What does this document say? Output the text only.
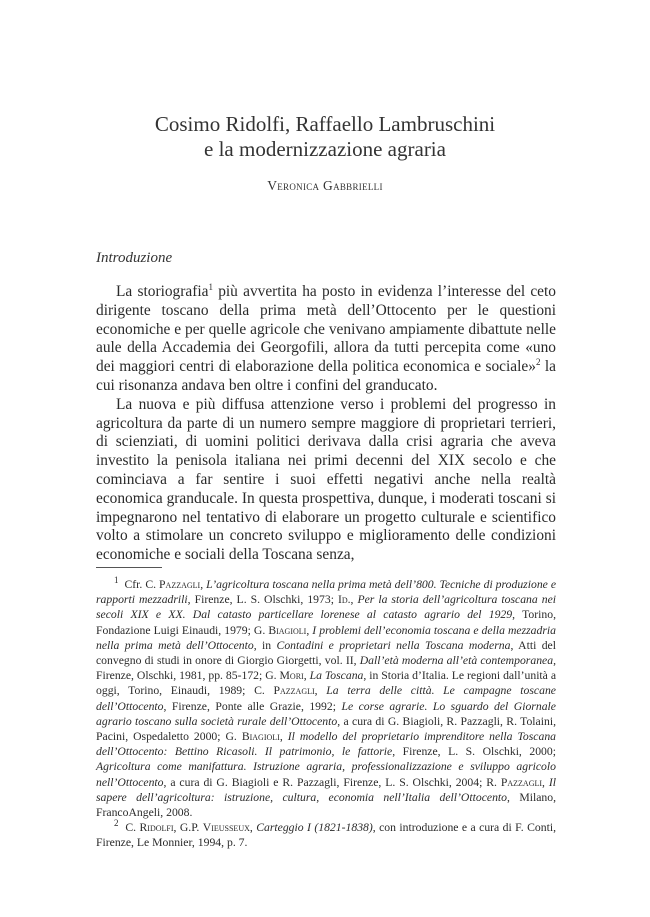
Cosimo Ridolfi, Raffaello Lambruschini
e la modernizzazione agraria
Veronica Gabbrielli
Introduzione

La storiografia$^1$ più avvertita ha posto in evidenza l’interesse del ceto dirigente toscano della prima metà dell’Ottocento per le questioni economiche e per quelle agricole che venivano ampiamente dibattute nelle aule della Accademia dei Georgofili, allora da tutti percepita come «uno dei maggiori centri di elaborazione della politica economica e sociale»$^2$ la cui risonanza andava ben oltre i confini del granducato.

La nuova e più diffusa attenzione verso i problemi del progresso in agricoltura da parte di un numero sempre maggiore di proprietari terrieri, di scienziati, di uomini politici derivava dalla crisi agraria che aveva investito la penisola italiana nei primi decenni del XIX secolo e che cominciava a far sentire i suoi effetti negativi anche nella realtà economica granducale. In questa prospettiva, dunque, i moderati toscani si impegnarono nel tentativo di elaborare un progetto culturale e scientifico volto a stimolare un concreto sviluppo e miglioramento delle condizioni economiche e sociali della Toscana senza,

$^1$ Cfr. C. Pazzagli, L’agricoltura toscana nella prima metà dell’800. Tecniche di produzione e rapporti mezzadrili, Firenze, L. S. Olschki, 1973; Id., Per la storia dell’agricoltura toscana nei secoli XIX e XX. Dal catasto particellare lorenese al catasto agrario del 1929, Torino, Fondazione Luigi Einaudi, 1979; G. Biagioli, I problemi dell’economia toscana e della mezzadria nella prima metà dell’Ottocento, in Contadini e proprietari nella Toscana moderna, Atti del convegno di studi in onore di Giorgio Giorgetti, vol. II, Dall’età moderna all’età contemporanea, Firenze, Olschki, 1981, pp. 85-172; G. Mori, La Toscana, in Storia d’Italia. Le regioni dall’unità a oggi, Torino, Einaudi, 1989; C. Pazzagli, La terra delle città. Le campagne toscane dell’Ottocento, Firenze, Ponte alle Grazie, 1992; Le corse agrarie. Lo sguardo del Giornale agrario toscano sulla società rurale dell’Ottocento, a cura di G. Biagioli, R. Pazzagli, R. Tolaini, Pacini, Ospedaletto 2000; G. Biagioli, Il modello del proprietario imprenditore nella Toscana dell’Ottocento: Bettino Ricasoli. Il patrimonio, le fattorie, Firenze, L. S. Olschki, 2000; Agricoltura come manifattura. Istruzione agraria, professionalizzazione e sviluppo agricolo nell’Ottocento, a cura di G. Biagioli e R. Pazzagli, Firenze, L. S. Olschki, 2004; R. Pazzagli, Il sapere dell’agricoltura: istruzione, cultura, economia nell’Italia dell’Ottocento, Milano, FrancoAngeli, 2008.

$^2$ C. Ridolfi, G.P. Vieusseux, Carteggio I (1821-1838), con introduzione e a cura di F. Conti, Firenze, Le Monnier, 1994, p. 7.
